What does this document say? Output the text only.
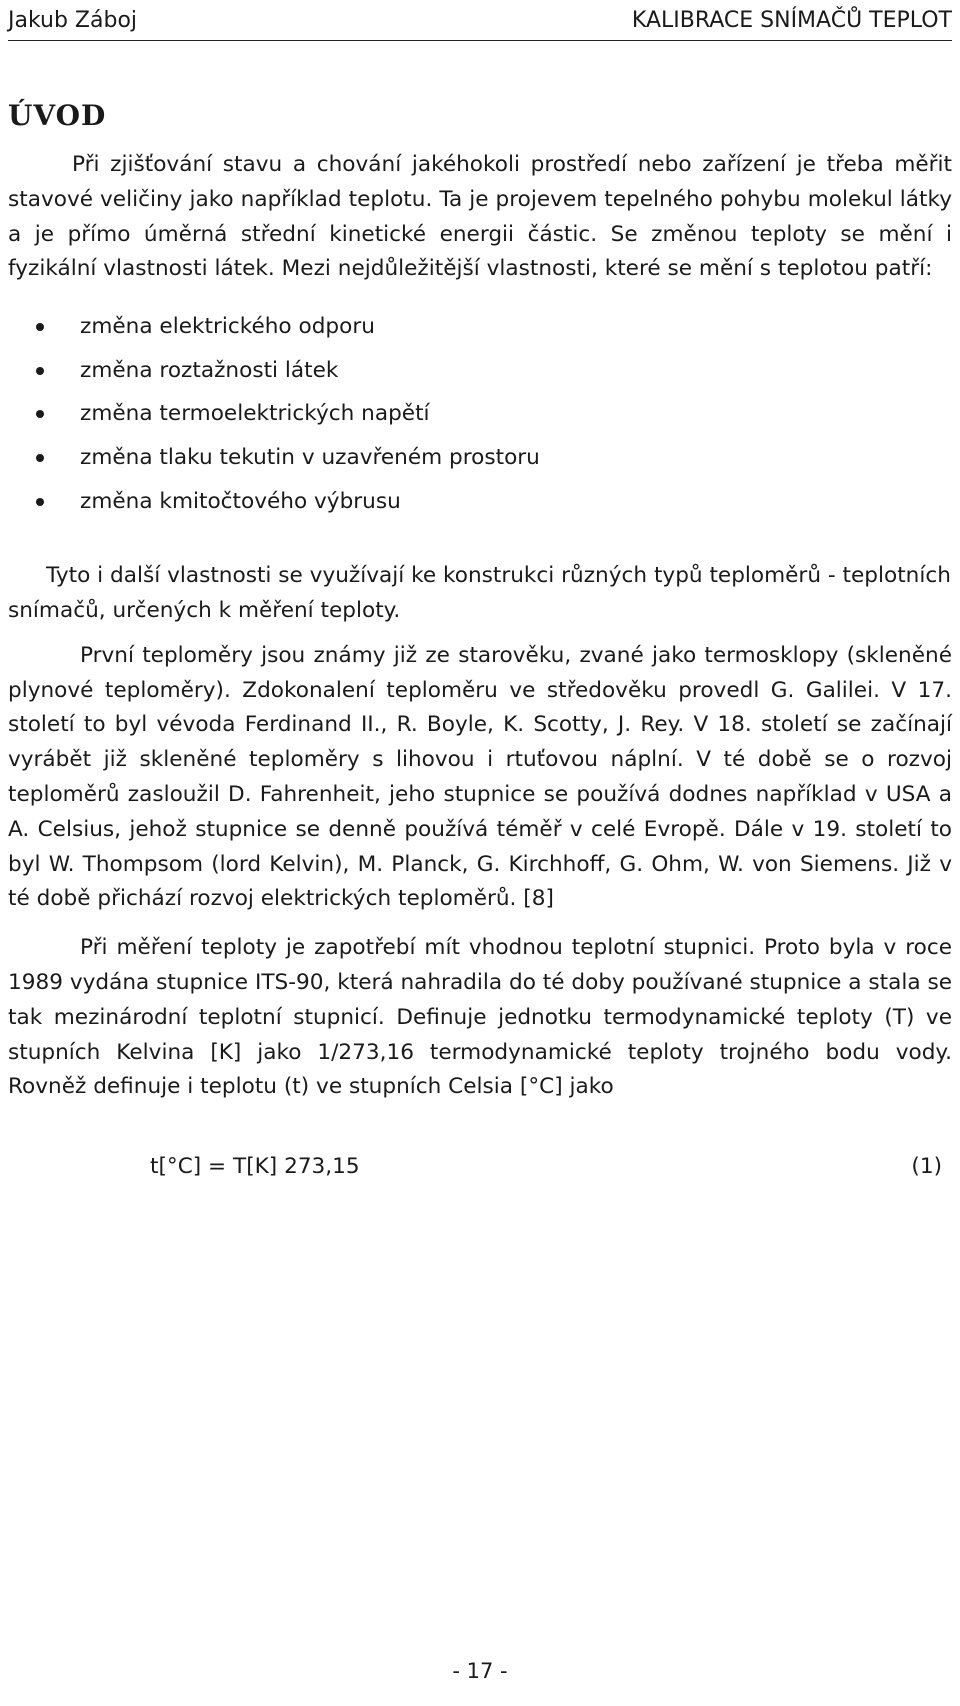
Jakub Zábоj	KALIBRACE SNÍMAČŮ TEPLOT
ÚVOD

Při zjišťování stavu a chování jakéhokoli prostředí nebo zařízení je třeba měřit stavové veličiny jako například teplotu. Ta je projevem tepelného pohybu molekul látky a je přímo úměrná střední kinetické energii částic. Se změnou teploty se mění i fyzikální vlastnosti látek. Mezi nejdůležitější vlastnosti, které se mění s teplotou patří:

změna elektrického odporu
změna roztažnosti látek
změna termoelektrických napětí
změna tlaku tekutin v uzavřeném prostoru
změna kmitočtového výbrusu

Tyto i další vlastnosti se využívají ke konstrukci různých typů teploměrů - teplotních snímačů, určených k měření teploty.

První teploměry jsou známy již ze starověku, zvané jako termosklopy (skleněné plynové teploměry). Zdokonalení teploměru ve středověku provedl G. Galilei. V 17. století to byl vévoda Ferdinand II., R. Boyle, K. Scotty, J. Rey. V 18. století se začínají vyrábět již skleněné teploměry s lihovou i rtuťovou náplní. V té době se o rozvoj teploměrů zasloužil D. Fahrenheit, jeho stupnice se používá dodnes například v USA a A. Celsius, jehož stupnice se denně používá téměř v celé Evropě. Dále v 19. století to byl W. Thompsom (lord Kelvin), M. Planck, G. Kirchhoff, G. Ohm, W. von Siemens. Již v té době přichází rozvoj elektrických teploměrů. [8]

Při měření teploty je zapotřebí mít vhodnou teplotní stupnici. Proto byla v roce 1989 vydána stupnice ITS-90, která nahradila do té doby používané stupnice a stala se tak mezinárodní teplotní stupnicí. Definuje jednotku termodynamické teploty (T) ve stupních Kelvina [K] jako 1/273,16 termodynamické teploty trojného bodu vody. Rovněž definuje i teplotu (t) ve stupních Celsia [°C] jako

t[°C] = T[K] 273,15	(1)
- 17 -
